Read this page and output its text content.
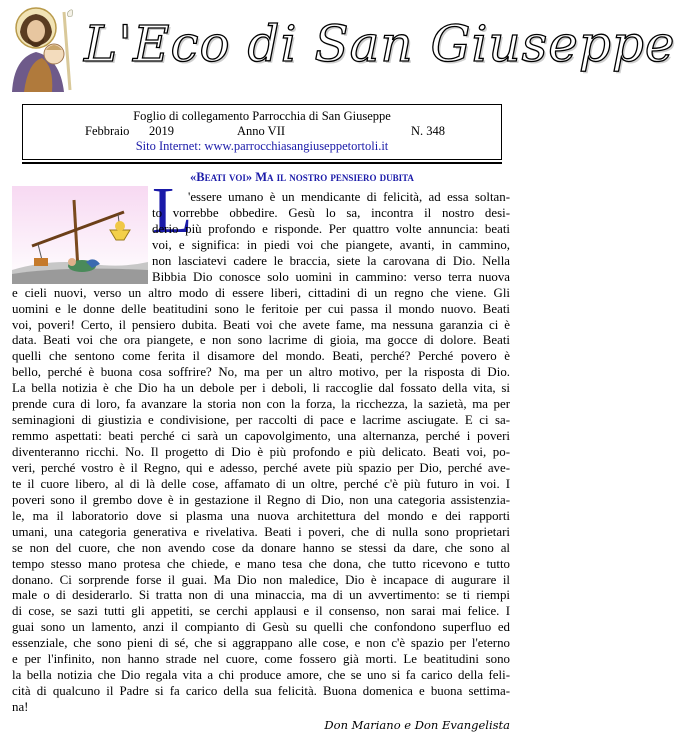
L'Eco di San Giuseppe
Foglio di collegamento Parrocchia di San Giuseppe
Febbraio 2019	Anno VII	N. 348
Sito Internet: www.parrocchiasangiuseppetortoli.it
«Beati voi» Ma il nostro pensiero dubita
L
'essere umano è un mendicante di felicità, ad essa soltan-
to vorrebbe obbedire. Gesù lo sa, incontra il nostro desi-
derio più profondo e risponde. Per quattro volte annuncia: beati
voi, e significa: in piedi voi che piangete, avanti, in cammino,
non lasciatevi cadere le braccia, siete la carovana di Dio. Nella
Bibbia Dio conosce solo uomini in cammino: verso terra nuova
e cieli nuovi, verso un altro modo di essere liberi, cittadini di un regno che viene. Gli
uomini e le donne delle beatitudini sono le feritoie per cui passa il mondo nuovo. Beati
voi, poveri! Certo, il pensiero dubita. Beati voi che avete fame, ma nessuna garanzia ci è
data. Beati voi che ora piangete, e non sono lacrime di gioia, ma gocce di dolore. Beati
quelli che sentono come ferita il disamore del mondo. Beati, perché? Perché povero è
bello, perché è buona cosa soffrire? No, ma per un altro motivo, per la risposta di Dio.
La bella notizia è che Dio ha un debole per i deboli, li raccoglie dal fossato della vita, si
prende cura di loro, fa avanzare la storia non con la forza, la ricchezza, la sazietà, ma per
seminagioni di giustizia e condivisione, per raccolti di pace e lacrime asciugate. E ci sa-
remmo aspettati: beati perché ci sarà un capovolgimento, una alternanza, perché i poveri
diventeranno ricchi. No. Il progetto di Dio è più profondo e più delicato. Beati voi, po-
veri, perché vostro è il Regno, qui e adesso, perché avete più spazio per Dio, perché ave-
te il cuore libero, al di là delle cose, affamato di un oltre, perché c'è più futuro in voi. I
poveri sono il grembo dove è in gestazione il Regno di Dio, non una categoria assistenzia-
le, ma il laboratorio dove si plasma una nuova architettura del mondo e dei rapporti
umani, una categoria generativa e rivelativa. Beati i poveri, che di nulla sono proprietari
se non del cuore, che non avendo cose da donare hanno se stessi da dare, che sono al
tempo stesso mano protesa che chiede, e mano tesa che dona, che tutto ricevono e tutto
donano. Ci sorprende forse il guai. Ma Dio non maledice, Dio è incapace di augurare il
male o di desiderarlo. Si tratta non di una minaccia, ma di un avvertimento: se ti riempi
di cose, se sazi tutti gli appetiti, se cerchi applausi e il consenso, non sarai mai felice. I
guai sono un lamento, anzi il compianto di Gesù su quelli che confondono superfluo ed
essenziale, che sono pieni di sé, che si aggrappano alle cose, e non c'è spazio per l'eterno
e per l'infinito, non hanno strade nel cuore, come fossero già morti. Le beatitudini sono
la bella notizia che Dio regala vita a chi produce amore, che se uno si fa carico della feli-
cità di qualcuno il Padre si fa carico della sua felicità. Buona domenica e buona settima-
na!
Don Mariano e Don Evangelista
